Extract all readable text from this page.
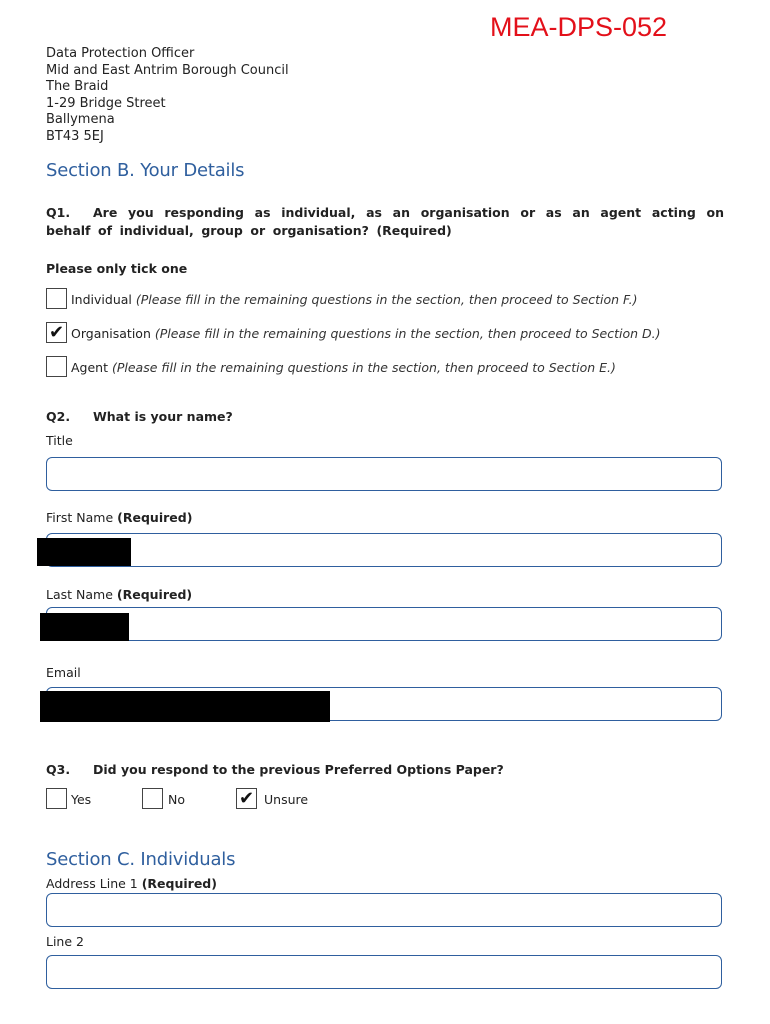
MEA-DPS-052
Data Protection Officer
Mid and East Antrim Borough Council
The Braid
1-29 Bridge Street
Ballymena
BT43 5EJ
Section B. Your Details
Q1. Are you responding as individual, as an organisation or as an agent acting on behalf of individual, group or organisation? (Required)
Please only tick one
Individual (Please fill in the remaining questions in the section, then proceed to Section F.)
✔ Organisation (Please fill in the remaining questions in the section, then proceed to Section D.)
Agent (Please fill in the remaining questions in the section, then proceed to Section E.)
Q2. What is your name?
Title
First Name (Required)
Last Name (Required)
Email
Q3. Did you respond to the previous Preferred Options Paper?
Yes	No	✔ Unsure
Section C. Individuals
Address Line 1 (Required)
Line 2
